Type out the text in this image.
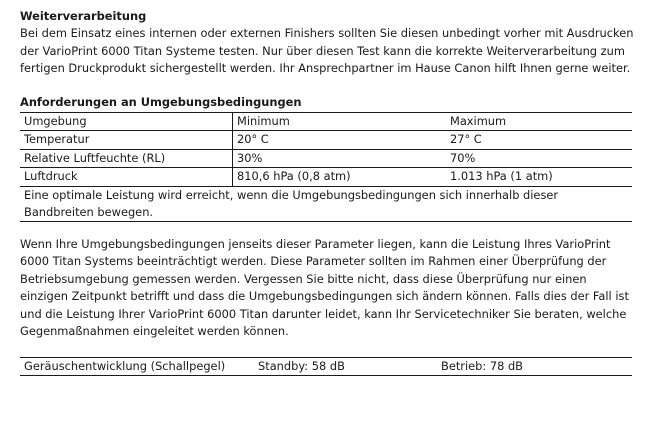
Weiterverarbeitung

Bei dem Einsatz eines internen oder externen Finishers sollten Sie diesen unbedingt vorher mit Ausdrucken der VarioPrint 6000 Titan Systeme testen. Nur über diesen Test kann die korrekte Weiterverarbeitung zum fertigen Druckprodukt sichergestellt werden. Ihr Ansprechpartner im Hause Canon hilft Ihnen gerne weiter.

Anforderungen an Umgebungsbedingungen
Umgebung	Minimum	Maximum
Temperatur	20° C	27° C
Relative Luftfeuchte (RL)	30%	70%
Luftdruck	810,6 hPa (0,8 atm)	1.013 hPa (1 atm)
Eine optimale Leistung wird erreicht, wenn die Umgebungsbedingungen sich innerhalb dieser Bandbreiten bewegen.		

Wenn Ihre Umgebungsbedingungen jenseits dieser Parameter liegen, kann die Leistung Ihres VarioPrint 6000 Titan Systems beeinträchtigt werden. Diese Parameter sollten im Rahmen einer Überprüfung der Betriebsumgebung gemessen werden. Vergessen Sie bitte nicht, dass diese Überprüfung nur einen einzigen Zeitpunkt betrifft und dass die Umgebungsbedingungen sich ändern können. Falls dies der Fall ist und die Leistung Ihrer VarioPrint 6000 Titan darunter leidet, kann Ihr Servicetechniker Sie beraten, welche Gegenmaßnahmen eingeleitet werden können.

Geräuschentwicklung (Schallpegel)	Standby: 58 dB	Betrieb: 78 dB
